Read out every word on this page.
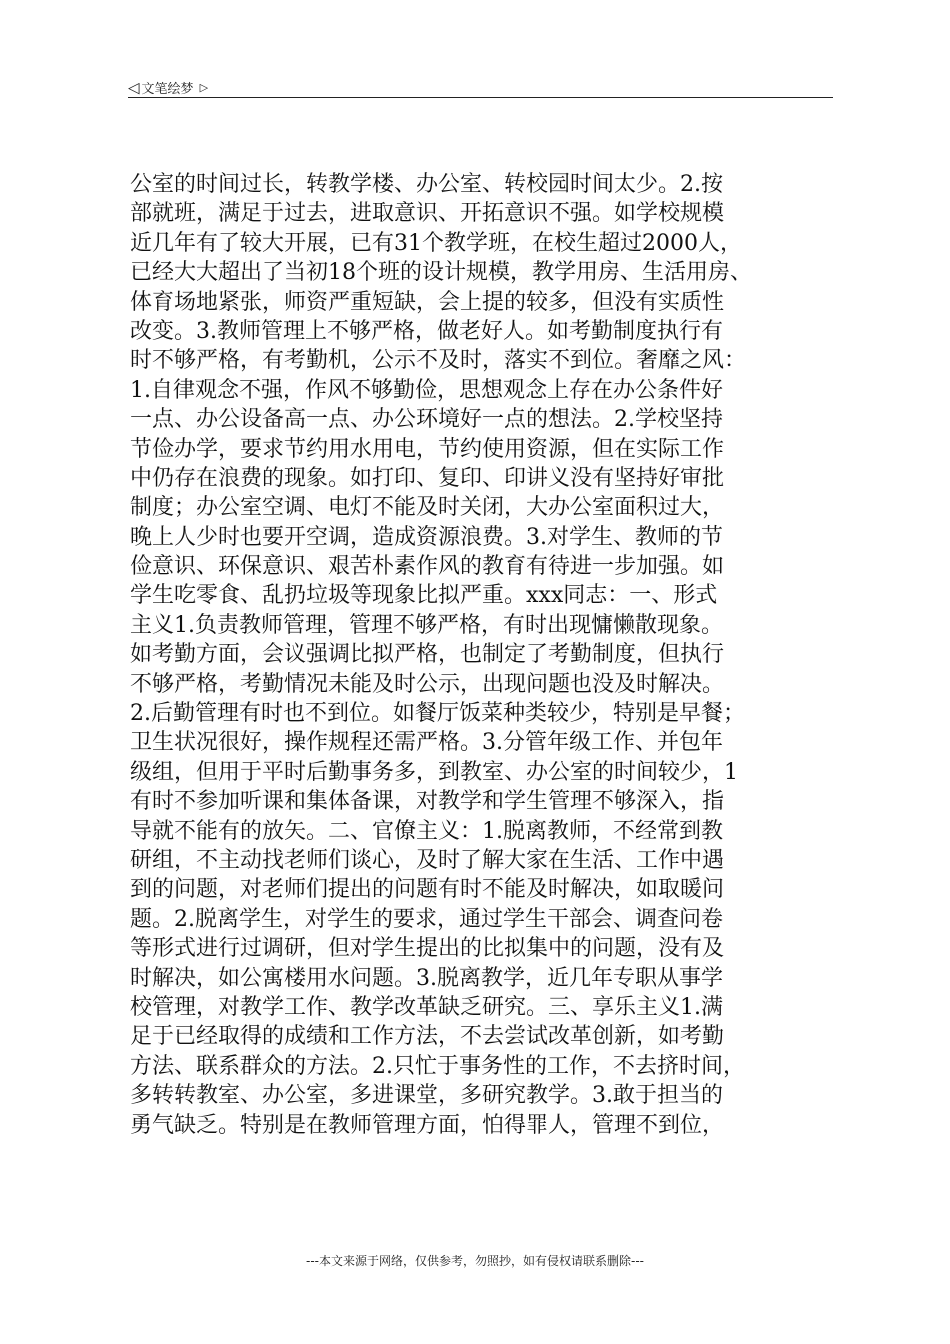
◁ 文笔绘梦 ▷
公室的时间过长，转教学楼、办公室、转校园时间太少。2.按
部就班，满足于过去，进取意识、开拓意识不强。如学校规模
近几年有了较大开展，已有31个教学班，在校生超过2000人，
已经大大超出了当初18个班的设计规模，教学用房、生活用房、
体育场地紧张，师资严重短缺，会上提的较多，但没有实质性
改变。3.教师管理上不够严格，做老好人。如考勤制度执行有
时不够严格，有考勤机，公示不及时，落实不到位。奢靡之风：
1.自律观念不强，作风不够勤俭，思想观念上存在办公条件好
一点、办公设备高一点、办公环境好一点的想法。2.学校坚持
节俭办学，要求节约用水用电，节约使用资源，但在实际工作
中仍存在浪费的现象。如打印、复印、印讲义没有坚持好审批
制度；办公室空调、电灯不能及时关闭，大办公室面积过大，
晚上人少时也要开空调，造成资源浪费。3.对学生、教师的节
俭意识、环保意识、艰苦朴素作风的教育有待进一步加强。如
学生吃零食、乱扔垃圾等现象比拟严重。xxx同志：一、形式
主义1.负责教师管理，管理不够严格，有时出现慵懒散现象。
如考勤方面，会议强调比拟严格，也制定了考勤制度，但执行
不够严格，考勤情况未能及时公示，出现问题也没及时解决。
2.后勤管理有时也不到位。如餐厅饭菜种类较少，特别是早餐；
卫生状况很好，操作规程还需严格。3.分管年级工作、并包年
级组，但用于平时后勤事务多，到教室、办公室的时间较少，1
有时不参加听课和集体备课，对教学和学生管理不够深入，指
导就不能有的放矢。二、官僚主义：1.脱离教师，不经常到教
研组，不主动找老师们谈心，及时了解大家在生活、工作中遇
到的问题，对老师们提出的问题有时不能及时解决，如取暖问
题。2.脱离学生，对学生的要求，通过学生干部会、调查问卷
等形式进行过调研，但对学生提出的比拟集中的问题，没有及
时解决，如公寓楼用水问题。3.脱离教学，近几年专职从事学
校管理，对教学工作、教学改革缺乏研究。三、享乐主义1.满
足于已经取得的成绩和工作方法，不去尝试改革创新，如考勤
方法、联系群众的方法。2.只忙于事务性的工作，不去挤时间，
多转转教室、办公室，多进课堂，多研究教学。3.敢于担当的
勇气缺乏。特别是在教师管理方面，怕得罪人，管理不到位，
---本文来源于网络，仅供参考，勿照抄，如有侵权请联系删除---
